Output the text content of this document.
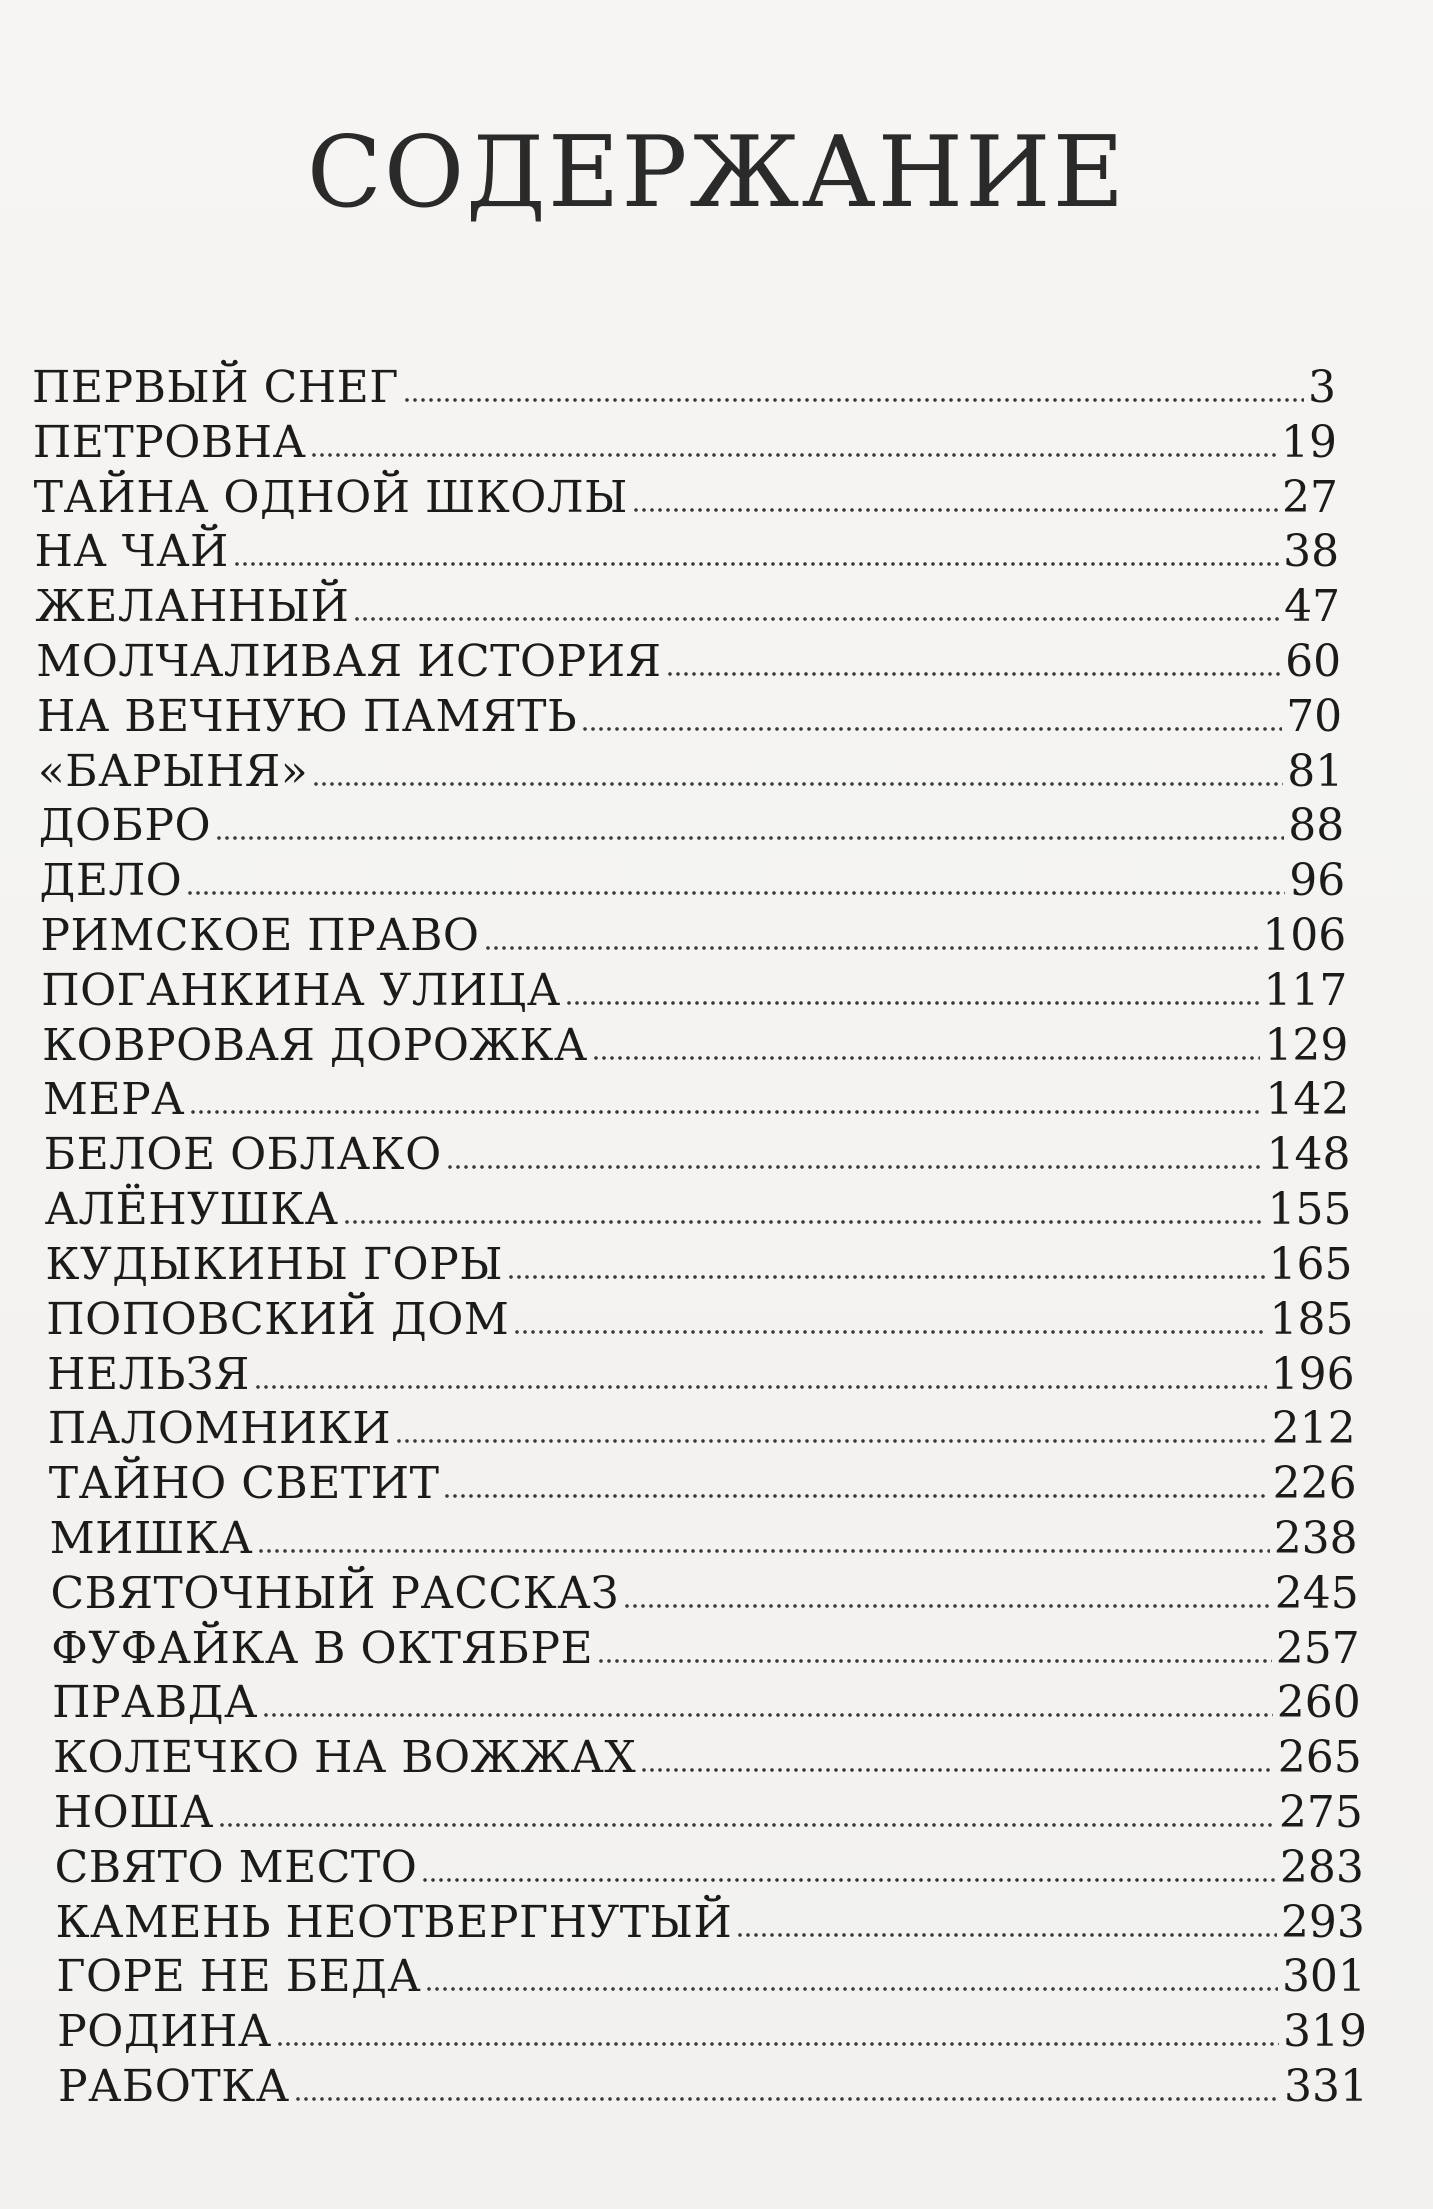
СОДЕРЖАНИЕ
ПЕРВЫЙ СНЕГ	3
ПЕТРОВНА	19
ТАЙНА ОДНОЙ ШКОЛЫ	27
НА ЧАЙ	38
ЖЕЛАННЫЙ	47
МОЛЧАЛИВАЯ ИСТОРИЯ	60
НА ВЕЧНУЮ ПАМЯТЬ	70
«БАРЫНЯ»	81
ДОБРО	88
ДЕЛО	96
РИМСКОЕ ПРАВО	106
ПОГАНКИНА УЛИЦА	117
КОВРОВАЯ ДОРОЖКА	129
МЕРА	142
БЕЛОЕ ОБЛАКО	148
АЛЁНУШКА	155
КУДЫКИНЫ ГОРЫ	165
ПОПОВСКИЙ ДОМ	185
НЕЛЬЗЯ	196
ПАЛОМНИКИ	212
ТАЙНО СВЕТИТ	226
МИШКА	238
СВЯТОЧНЫЙ РАССКАЗ	245
ФУФАЙКА В ОКТЯБРЕ	257
ПРАВДА	260
КОЛЕЧКО НА ВОЖЖАХ	265
НОША	275
СВЯТО МЕСТО	283
КАМЕНЬ НЕОТВЕРГНУТЫЙ	293
ГОРЕ НЕ БЕДА	301
РОДИНА	319
РАБОТКА	331
